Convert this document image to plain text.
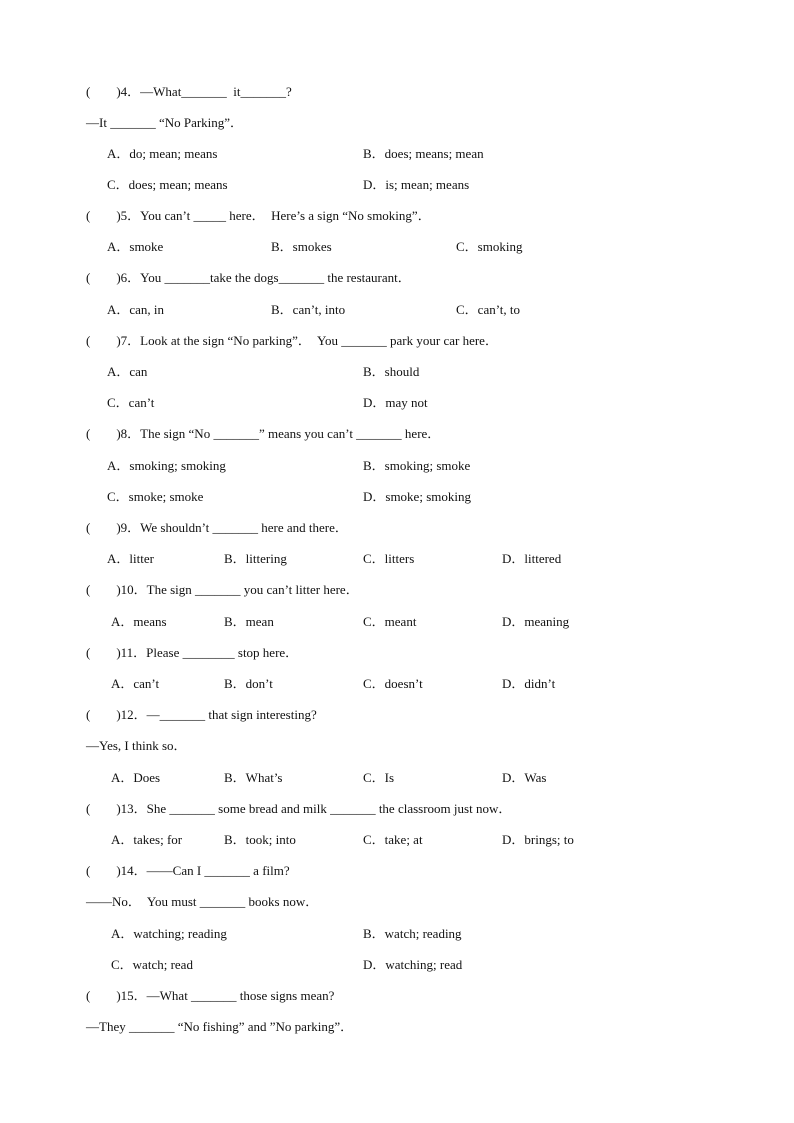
(        )4．—What_______  it_______?
—It _______ “No Parking”．
A．do; mean; means	B．does; means; mean
C．does; mean; means	D．is; mean; means
(        )5．You can’t _____ here．  Here’s a sign “No smoking”．
A．smoke	B．smokes	C．smoking
(        )6．You _______take the dogs_______ the restaurant．
A．can, in	B．can’t, into	C．can’t, to
(        )7．Look at the sign “No parking”．  You _______ park your car here．
A．can	B．should
C．can’t	D．may not
(        )8．The sign “No _______” means you can’t _______ here．
A．smoking; smoking	B．smoking; smoke
C．smoke; smoke	D．smoke; smoking
(        )9．We shouldn’t _______ here and there．
A．litter	B．littering	C．litters	D．littered
(        )10．The sign _______ you can’t litter here．
A．means	B．mean	C．meant	D．meaning
(        )11．Please ________ stop here．
A．can’t	B．don’t	C．doesn’t	D．didn’t
(        )12．—_______ that sign interesting?
—Yes, I think so．
A．Does	B．What’s	C．Is	D．Was
(        )13．She _______ some bread and milk _______ the classroom just now．
A．takes; for	B．took; into	C．take; at	D．brings; to
(        )14．——Can I _______ a film?
——No．  You must _______ books now．
A．watching; reading	B．watch; reading
C．watch; read	D．watching; read
(        )15．—What _______ those signs mean?
—They _______ “No fishing” and ”No parking”．
